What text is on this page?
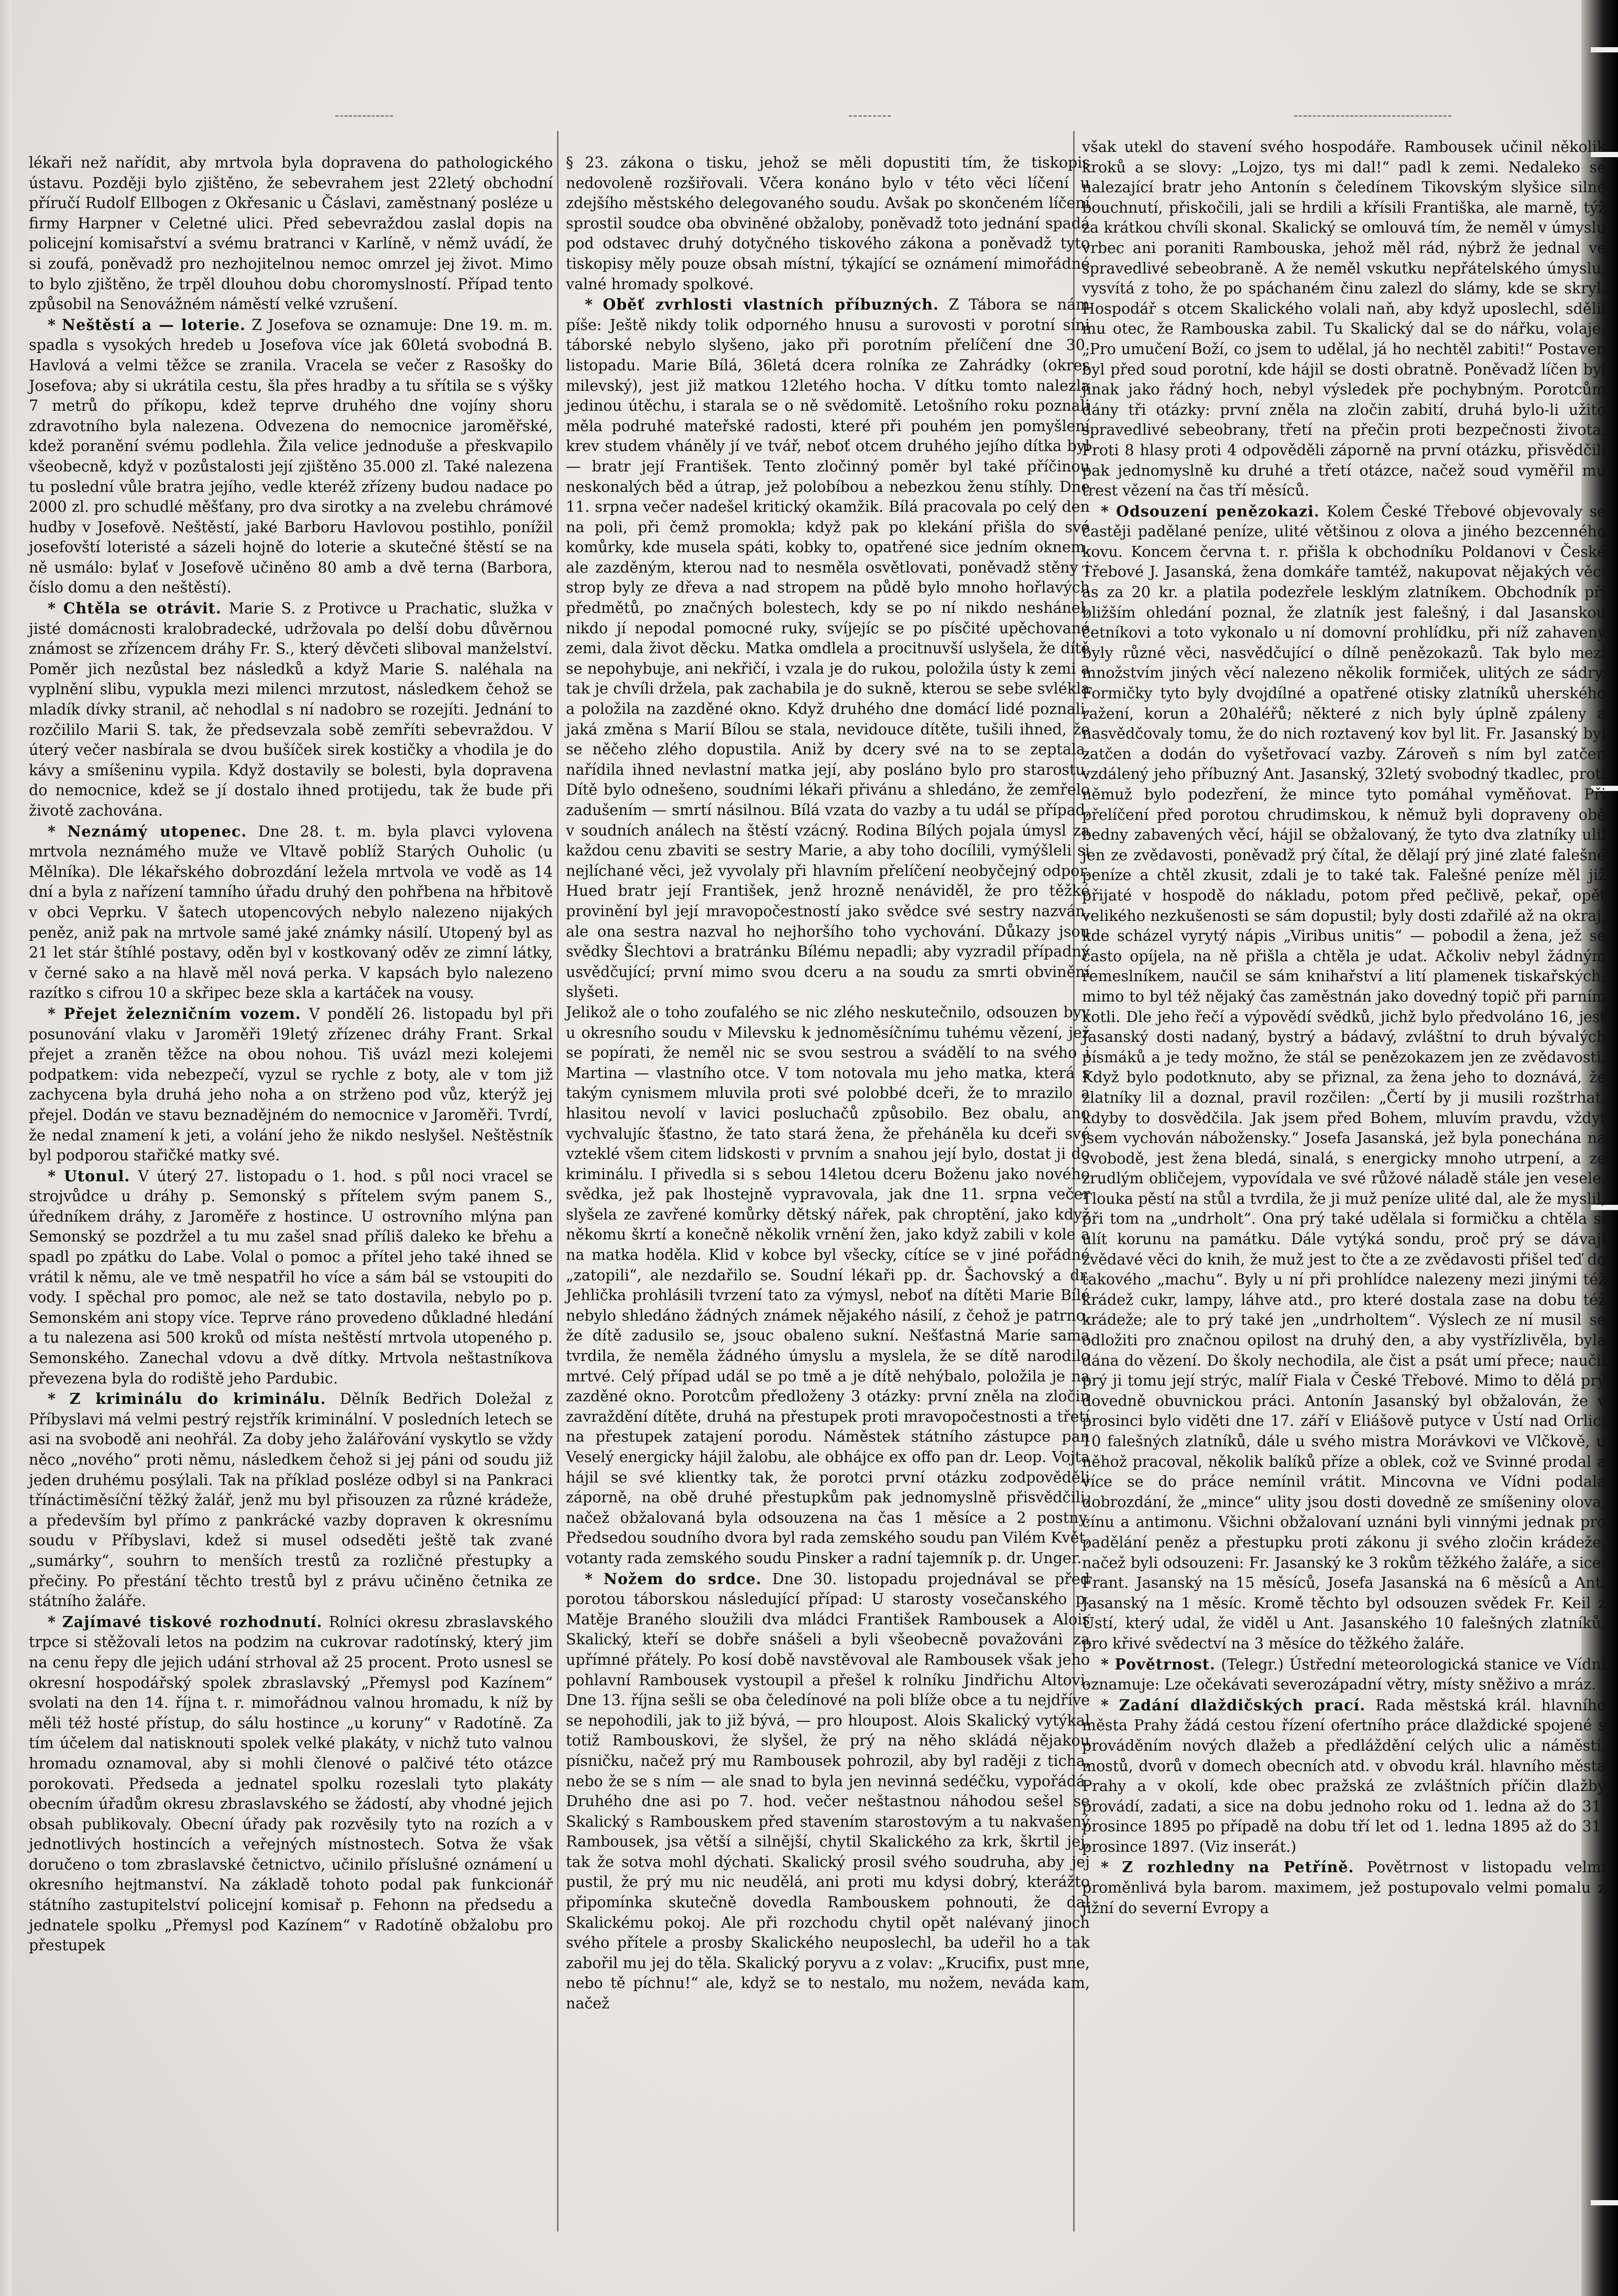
lékaři než nařídit, aby mrtvola byla dopravena do pathologického ústavu. Později bylo zjištěno, že sebevrahem jest 22letý obchodní příručí Rudolf Ellbogen z Okřesanic u Čáslavi, zaměstnaný posléze u firmy Harpner v Celetné ulici. Před sebevraždou zaslal dopis na policejní komisařství a svému bratranci v Karlíně, v němž uvádí, že si zoufá, poněvadž pro nezhojitelnou nemoc omrzel jej život. Mimo to bylo zjištěno, že trpěl dlouhou dobu choromyslností. Případ tento způsobil na Senovážném náměstí velké vzrušení.

* Neštěstí a — loterie. Z Josefova se oznamuje: Dne 19. m. m. spadla s vysokých hredeb u Josefova více jak 60letá svobodná B. Havlová a velmi těžce se zranila. Vracela se večer z Rasošky do Josefova; aby si ukrátila cestu, šla přes hradby a tu sřítila se s výšky 7 metrů do příkopu, kdež teprve druhého dne vojíny shoru zdravotního byla nalezena. Odvezena do nemocnice jaroměřské, kdež poranění svému podlehla. Žila velice jednoduše a přeskvapilo všeobecně, když v pozůstalosti její zjištěno 35.000 zl. Také nalezena tu poslední vůle bratra jejího, vedle kteréž zřízeny budou nadace po 2000 zl. pro schudlé měšťany, pro dva sirotky a na zvelebu chrámové hudby v Josefově. Neštěstí, jaké Barboru Havlovou postihlo, ponížil josefovští loteristé a sázeli hojně do loterie a skutečné štěstí se na ně usmálo: bylať v Josefově učiněno 80 amb a dvě terna (Barbora, číslo domu a den neštěstí).

* Chtěla se otrávit. Marie S. z Protivce u Prachatic, služka v jisté domácnosti kralobradecké, udržovala po delší dobu důvěrnou známost se zřízencem dráhy Fr. S., který děvčeti sliboval manželství. Poměr jich nezůstal bez následků a když Marie S. naléhala na vyplnění slibu, vypukla mezi milenci mrzutost, následkem čehož se mladík dívky stranil, ač nehodlal s ní nadobro se rozejíti. Jednání to rozčililo Marii S. tak, že předsevzala sobě zemříti sebevraždou. V úterý večer nasbírala se dvou bušíček sirek kostičky a vhodila je do kávy a smíšeninu vypila. Když dostavily se bolesti, byla dopravena do nemocnice, kdež se jí dostalo ihned protijedu, tak že bude při životě zachována.

* Neznámý utopenec. Dne 28. t. m. byla plavci vylovena mrtvola neznámého muže ve Vltavě poblíž Starých Ouholic (u Mělníka). Dle lékařského dobrozdání ležela mrtvola ve vodě as 14 dní a byla z nařízení tamního úřadu druhý den pohřbena na hřbitově v obci Veprku. V šatech utopencových nebylo nalezeno nijakých peněz, aniž pak na mrtvole samé jaké známky násilí. Utopený byl as 21 let stár štíhlé postavy, oděn byl v kostkovaný oděv ze zimní látky, v černé sako a na hlavě měl nová perka. V kapsách bylo nalezeno razítko s cifrou 10 a skřipec beze skla a kartáček na vousy.

* Přejet železničním vozem. V pondělí 26. listopadu byl při posunování vlaku v Jaroměři 19letý zřízenec dráhy Frant. Srkal přejet a zraněn těžce na obou nohou. Tiš uvázl mezi kolejemi podpatkem: vida nebezpečí, vyzul se rychle z boty, ale v tom již zachycena byla druhá jeho noha a on strženo pod vůz, kterýž jej přejel. Dodán ve stavu beznadějném do nemocnice v Jaroměři. Tvrdí, že nedal znamení k jeti, a volání jeho že nikdo neslyšel. Neštěstník byl podporou stařičké matky své.

* Utonul. V úterý 27. listopadu o 1. hod. s půl noci vracel se strojvůdce u dráhy p. Semonský s přítelem svým panem S., úředníkem dráhy, z Jaroměře z hostince. U ostrovního mlýna pan Semonský se pozdržel a tu mu zašel snad příliš daleko ke břehu a spadl po zpátku do Labe. Volal o pomoc a přítel jeho také ihned se vrátil k němu, ale ve tmě nespatřil ho více a sám bál se vstoupiti do vody. I spěchal pro pomoc, ale než se tato dostavila, nebylo po p. Semonském ani stopy více. Teprve ráno provedeno důkladné hledání a tu nalezena asi 500 kroků od místa neštěstí mrtvola utopeného p. Semonského. Zanechal vdovu a dvě dítky. Mrtvola neštastníkova převezena byla do rodiště jeho Pardubic.

* Z kriminálu do kriminálu. Dělník Bedřich Doležal z Příbyslavi má velmi pestrý rejstřík kriminální. V posledních letech se asi na svobodě ani neohřál. Za doby jeho žalářování vyskytlo se vždy něco „nového“ proti němu, následkem čehož si jej páni od soudu již jeden druhému posýlali. Tak na příklad posléze odbyl si na Pankraci třínáctiměsíční těžký žalář, jenž mu byl přisouzen za různé krádeže, a především byl přímo z pankrácké vazby dopraven k okresnímu soudu v Příbyslavi, kdež si musel odseděti ještě tak zvané „sumárky“, souhrn to menších trestů za rozličné přestupky a přečiny. Po přestání těchto trestů byl z právu učiněno četnika ze státního žaláře.

* Zajímavé tiskové rozhodnutí. Rolníci okresu zbraslavského trpce si stěžovali letos na podzim na cukrovar radotínský, který jim na cenu řepy dle jejich udání strhoval až 25 procent. Proto usnesl se okresní hospodářský spolek zbraslavský „Přemysl pod Kazínem“ svolati na den 14. října t. r. mimořádnou valnou hromadu, k níž by měli též hosté přístup, do sálu hostince „u koruny“ v Radotíně. Za tím účelem dal natisknouti spolek velké plakáty, v nichž tuto valnou hromadu oznamoval, aby si mohli členové o palčivé této otázce porokovati. Předseda a jednatel spolku rozeslali tyto plakáty obecním úřadům okresu zbraslavského se žádostí, aby vhodné jejich obsah publikovaly. Obecní úřady pak rozvěsily tyto na rozích a v jednotlivých hostincích a veřejných místnostech. Sotva že však doručeno o tom zbraslavské četnictvo, učinilo příslušné oznámení u okresního hejtmanství. Na základě tohoto podal pak funkcionář státního zastupitelství policejní komisař p. Fehonn na předsedu a jednatele spolku „Přemysl pod Kazínem“ v Radotíně obžalobu pro přestupek

§ 23. zákona o tisku, jehož se měli dopustiti tím, že tiskopis nedovoleně rozšiřovali. Včera konáno bylo v této věci líčení u zdejšího městského delegovaného soudu. Avšak po skončeném líčení sprostil soudce oba obviněné obžaloby, poněvadž toto jednání spadá pod odstavec druhý dotyčného tiskového zákona a poněvadž tyto tiskopisy měly pouze obsah místní, týkající se oznámení mimořádné valné hromady spolkové.

* Oběť zvrhlosti vlastních příbuzných. Z Tábora se nám píše: Ještě nikdy tolik odporného hnusu a surovosti v porotní síni táborské nebylo slyšeno, jako při porotním přelíčení dne 30. listopadu. Marie Bílá, 36letá dcera rolníka ze Zahrádky (okres milevský), jest již matkou 12letého hocha. V dítku tomto nalezla jedinou útěchu, i starala se o ně svědomitě. Letošního roku poznali měla podruhé mateřské radosti, které při pouhém jen pomyšlení krev studem vháněly jí ve tvář, neboť otcem druhého jejího dítka byl — bratr její František. Tento zločinný poměr byl také příčinou neskonalých běd a útrap, jež polobíbou a nebezkou ženu stíhly. Dne 11. srpna večer nadešel kritický okamžik. Bílá pracovala po celý den na poli, při čemž promokla; když pak po klekání přišla do své komůrky, kde musela spáti, kobky to, opatřené sice jedním oknem, ale zazděným, kterou nad to nesměla osvětlovati, poněvadž stěny i strop byly ze dřeva a nad stropem na půdě bylo mnoho hořlavých předmětů, po značných bolestech, kdy se po ní nikdo neshánel, nikdo jí nepodal pomocné ruky, svíjejíc se po písčité upěchované zemi, dala život děcku. Matka omdlela a procitnuvší uslyšela, že dítě se nepohybuje, ani nekřičí, i vzala je do rukou, položila ústy k zemi a tak je chvíli držela, pak zachabila je do sukně, kterou se sebe svlékla a položila na zazděné okno. Když druhého dne domácí lidé poznali, jaká změna s Marií Bílou se stala, nevidouce dítěte, tušili ihned, že se něčeho zlého dopustila. Aniž by dcery své na to se zeptala, nařídila ihned nevlastní matka její, aby posláno bylo pro starostu. Dítě bylo odnešeno, soudními lékaři přivánu a shledáno, že zemřelo zadušením — smrtí násilnou. Bílá vzata do vazby a tu udál se případ, v soudních análech na štěstí vzácný. Rodina Bílých pojala úmysl za každou cenu zbaviti se sestry Marie, a aby toho docílili, vymýšleli si nejlíchané věci, jež vyvolaly při hlavním přelíčení neobyčejný odpor. Hued bratr její František, jenž hrozně nenáviděl, že pro těžké provinění byl její mravopočestností jako svědce své sestry nazván, ale ona sestra nazval ho nejhoršího toho vychování. Důkazy jsou svědky Šlechtovi a bratránku Bílému nepadli; aby vyzradil případný usvědčující; první mimo svou dceru a na soudu za smrti obvinění slyšeti.

Jelikož ale o toho zoufalého se nic zlého neskutečnilo, odsouzen byv u okresního soudu v Milevsku k jednoměsíčnímu tuhému vězení, jež se popírati, že neměl nic se svou sestrou a svádělí to na svého i Martina — vlastního otce. V tom notovala mu jeho matka, která s takým cynismem mluvila proti své polobbé dceři, že to mrazilo a hlasitou nevolí v lavici posluchačů způsobilo. Bez obalu, ano vychvalujíc šťastno, že tato stará žena, že přeháněla ku dceři své vzteklé všem citem lidskosti v prvním a snahou její bylo, dostat ji do kriminálu. I přivedla si s sebou 14letou dceru Boženu jako nového svědka, jež pak lhostejně vypravovala, jak dne 11. srpna večer slyšela ze zavřené komůrky dětský nářek, pak chroptění, jako když někomu škrtí a konečně několik vrnění žen, jako když zabili v kole a na matka hoděla. Klid v kobce byl všecky, cítíce se v jiné pořádné „zatopili“, ale nezdařilo se. Soudní lékaři pp. dr. Šachovský a dr. Jehlička prohlásili tvrzení tato za výmysl, neboť na dítěti Marie Bílé nebylo shledáno žádných známek nějakého násilí, z čehož je patrno, že dítě zadusilo se, jsouc obaleno sukní. Nešťastná Marie sama tvrdila, že neměla žádného úmyslu a myslela, že se dítě narodilo mrtvé. Celý případ udál se po tmě a je dítě nehýbalo, položila je na zazděné okno. Porotcům předloženy 3 otázky: první zněla na zločin zavraždění dítěte, druhá na přestupek proti mravopočestnosti a třetí na přestupek zatajení porodu. Náměstek státního zástupce pan Veselý energicky hájil žalobu, ale obhájce ex offo pan dr. Leop. Vojta hájil se své klientky tak, že porotci první otázku zodpověděli záporně, na obě druhé přestupkům pak jednomyslně přisvědčili, načež obžalovaná byla odsouzena na čas 1 měsíce a 2 postny. Předsedou soudního dvora byl rada zemského soudu pan Vilém Květ, votanty rada zemského soudu Pinsker a radní tajemník p. dr. Unger.

* Nožem do srdce. Dne 30. listopadu projednával se před porotou táborskou následující případ: U starosty vosečanského p. Matěje Braného sloužili dva mládci František Rambousek a Alois Skalický, kteří se dobře snášeli a byli všeobecně považováni za upřímné přátely. Po kosí době navstěvoval ale Rambousek však jeho pohlavní Rambousek vystoupil a přešel k rolníku Jindřichu Altovi. Dne 13. října sešli se oba čeledínové na poli blíže obce a tu nejdříve se nepohodili, jak to již bývá, — pro hloupost. Alois Skalický vytýkal totiž Rambouskovi, že slyšel, že prý na něho skládá nějakou písničku, načež prý mu Rambousek pohrozil, aby byl raději z ticha, nebo že se s ním — ale snad to byla jen nevinná sedéčku, vypořádá. Druhého dne asi po 7. hod. večer neštastnou náhodou sešel se Skalický s Rambouskem před stavením starostovým a tu nakvašený Rambousek, jsa větší a silnější, chytil Skalického za krk, škrtil jej, tak že sotva mohl dýchati. Skalický prosil svého soudruha, aby jej pustil, že prý mu nic neudělá, ani proti mu kdysi dobrý, kterážto připomínka skutečně dovedla Rambouskem pohnouti, že dal Skalickému pokoj. Ale při rozchodu chytil opět nalévaný jinoch svého přítele a prosby Skalického neuposlechl, ba udeřil ho a tak zabořil mu jej do těla. Skalický poryvu a z volav: „Krucifix, pust mne, nebo tě píchnu!“ ale, když se to nestalo, mu nožem, neváda kam, načež

však utekl do stavení svého hospodáře. Rambousek učinil několik kroků a se slovy: „Lojzo, tys mi dal!“ padl k zemi. Nedaleko se nalezající bratr jeho Antonín s čeledínem Tikovským slyšice silné bouchnutí, přiskočili, jali se hrdili a křísili Františka, ale marně, týž za krátkou chvíli skonal. Skalický se omlouvá tím, že neměl v úmyslu vrbec ani poraniti Rambouska, jehož měl rád, nýbrž že jednal ve spravedlivé sebeobraně. A že neměl vskutku nepřátelského úmyslu, vysvítá z toho, že po spáchaném činu zalezl do slámy, kde se skryl. Hospodář s otcem Skalického volali naň, aby když uposlechl, sdělil mu otec, že Rambouska zabil. Tu Skalický dal se do nářku, volaje: „Pro umučení Boží, co jsem to udělal, já ho nechtěl zabiti!“ Postaven byl před soud porotní, kde hájil se dosti obratně. Poněvadž líčen byl jinak jako řádný hoch, nebyl výsledek pře pochybným. Porotcům dány tři otázky: první zněla na zločin zabití, druhá bylo-li užito spravedlivé sebeobrany, třetí na přečin proti bezpečnosti života. Proti 8 hlasy proti 4 odpověděli záporně na první otázku, přisvědčili pak jednomyslně ku druhé a třetí otázce, načež soud vyměřil mu trest vězení na čas tří měsíců.

* Odsouzení penězokazi. Kolem České Třebové objevovaly se častěji padělané peníze, ulité většinou z olova a jiného bezcenného kovu. Koncem června t. r. přišla k obchodníku Poldanovi v České Třebové J. Jasanská, žena domkáře tamtéž, nakupovat nějakých věcí as za 20 kr. a platila podezřele lesklým zlatníkem. Obchodník při bližším ohledání poznal, že zlatník jest falešný, i dal Jasanskou četníkovi a toto vykonalo u ní domovní prohlídku, při níž zahaveny byly různé věci, nasvědčující o dílně penězokazů. Tak bylo mezi množstvím jiných věcí nalezeno několik formiček, ulitých ze sádry. Formičky tyto byly dvojdílné a opatřené otisky zlatníků uherského ražení, korun a 20haléřů; některé z nich byly úplně zpáleny a nasvědčovaly tomu, že do nich roztavený kov byl lit. Fr. Jasanský byl zatčen a dodán do vyšetřovací vazby. Zároveň s ním byl zatčen vzdálený jeho příbuzný Ant. Jasanský, 32letý svobodný tkadlec, proti němuž bylo podezření, že mince tyto pomáhal vyměňovat. Při přelíčení před porotou chrudimskou, k němuž byli dopraveny obě bedny zabavených věcí, hájil se obžalovaný, že tyto dva zlatníky ulil jen ze zvědavosti, poněvadž prý čítal, že dělají prý jiné zlaté falešné peníze a chtěl zkusit, zdali je to také tak. Falešné peníze měl již přijaté v hospodě do nákladu, potom před pečlivě, pekař, opět velikého nezkušenosti se sám dopustil; byly dosti zdařilé až na okraj, kde scházel vyrytý nápis „Viribus unitis“ — pobodil a žena, jež se často opíjela, na ně přišla a chtěla je udat. Ačkoliv nebyl žádným řemeslníkem, naučil se sám knihařství a lití plamenek tiskařských; mimo to byl též nějaký čas zaměstnán jako dovedný topič při parním kotli. Dle jeho řečí a výpovědí svědků, jichž bylo předvoláno 16, jest Jasanský dosti nadaný, bystrý a bádavý, zvláštní to druh bývalých písmáků a je tedy možno, že stál se penězokazem jen ze zvědavosti. Když bylo podotknuto, aby se přiznal, za žena jeho to doznává, že zlatníky lil a doznal, pravil rozčilen: „Čertí by ji musili rozštrhat, kdyby to dosvědčila. Jak jsem před Bohem, mluvím pravdu, vždyť jsem vychován nábožensky.“ Josefa Jasanská, jež byla ponechána na svobodě, jest žena bledá, sinalá, s energicky mnoho utrpení, a ze zrudlým obličejem, vypovídala ve své růžové náladě stále jen vesele. Tlouka pěstí na stůl a tvrdila, že ji muž peníze ulité dal, ale že myslil, při tom na „undrholt“. Ona prý také udělala si formičku a chtěla si ulít korunu na památku. Dále vytýká sondu, proč prý se dávají zvědavé věci do knih, že muž jest to čte a ze zvědavosti přišel teď do takového „machu“. Byly u ní při prohlídce nalezeny mezi jinými též krádež cukr, lampy, láhve atd., pro které dostala zase na dobu též krádeže; ale to prý také jen „undrholtem“. Výslech ze ní musil se odložiti pro značnou opilost na druhý den, a aby vystřízlivěla, byla dána do vězení. Do školy nechodila, ale čist a psát umí přece; naučil prý ji tomu její strýc, malíř Fiala v České Třebové. Mimo to dělá prý dovedně obuvnickou práci. Antonín Jasanský byl obžalován, že v prosinci bylo viděti dne 17. září v Eliášově putyce v Ústí nad Orlicí 10 falešných zlatníků, dále u svého mistra Morávkovi ve Vlčkově, u něhož pracoval, několik balíků příze a oblek, což ve Svinné prodal a více se do práce nemínil vrátit. Mincovna ve Vídni podala dobrozdání, že „mince“ ulity jsou dosti dovedně ze smíšeniny olova, cínu a antimonu. Všichni obžalovaní uznáni byli vinnými jednak pro padělání peněz a přestupku proti zákonu ji svého zločin krádeže, načež byli odsouzeni: Fr. Jasanský ke 3 rokům těžkého žaláře, a sice: Frant. Jasanský na 15 měsíců, Josefa Jasanská na 6 měsíců a Ant. Jasanský na 1 měsíc. Kromě těchto byl odsouzen svědek Fr. Keil z Ústí, který udal, že viděl u Ant. Jasanského 10 falešných zlatníků, pro křivé svědectví na 3 měsíce do těžkého žaláře.

* Povětrnost. (Telegr.) Ústřední meteorologická stanice ve Vídni oznamuje: Lze očekávati severozápadní větry, místy sněživo a mráz.

* Zadání dlaždičských prací. Rada městská král. hlavního města Prahy žádá cestou řízení ofertního práce dlaždické spojené s prováděním nových dlažeb a předláždění celých ulic a náměstí, mostů, dvorů v domech obecních atd. v obvodu král. hlavního města Prahy a v okolí, kde obec pražská ze zvláštních příčin dlažby provádí, zadati, a sice na dobu jednoho roku od 1. ledna až do 31. prosince 1895 po případě na dobu tří let od 1. ledna 1895 až do 31. prosince 1897. (Viz inserát.)

* Z rozhledny na Petříně. Povětrnost v listopadu velmi proměnlivá byla barom. maximem, jež postupovalo velmi pomalu z jižní do severní Evropy a
